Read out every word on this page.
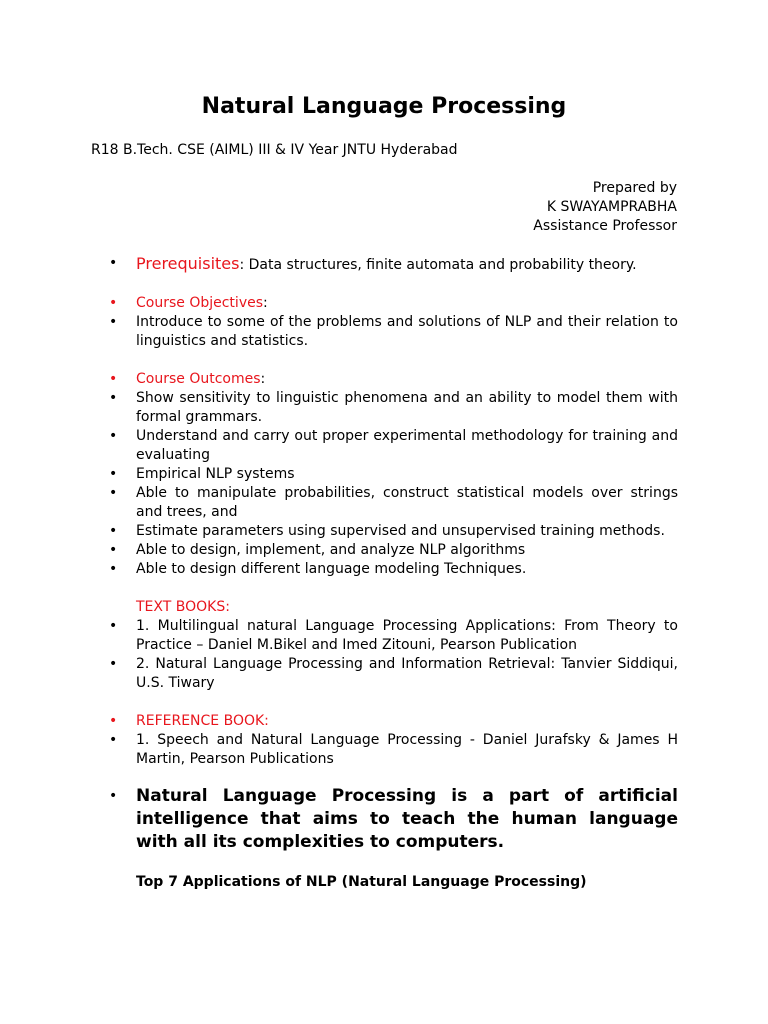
Natural Language Processing
R18 B.Tech. CSE (AIML) III & IV Year JNTU Hyderabad
Prepared by
K SWAYAMPRABHA
Assistance Professor
• Prerequisites: Data structures, finite automata and probability theory.
• Course Objectives:
• Introduce to some of the problems and solutions of NLP and their relation to linguistics and statistics.
• Course Outcomes:
• Show sensitivity to linguistic phenomena and an ability to model them with formal grammars.
• Understand and carry out proper experimental methodology for training and evaluating
• Empirical NLP systems
• Able to manipulate probabilities, construct statistical models over strings and trees, and
• Estimate parameters using supervised and unsupervised training methods.
• Able to design, implement, and analyze NLP algorithms
• Able to design different language modeling Techniques.
TEXT BOOKS:
• 1. Multilingual natural Language Processing Applications: From Theory to Practice – Daniel M.Bikel and Imed Zitouni, Pearson Publication
• 2. Natural Language Processing and Information Retrieval: Tanvier Siddiqui, U.S. Tiwary
• REFERENCE BOOK:
• 1. Speech and Natural Language Processing - Daniel Jurafsky & James H Martin, Pearson Publications
• Natural Language Processing is a part of artificial intelligence that aims to teach the human language with all its complexities to computers.
Top 7 Applications of NLP (Natural Language Processing)
